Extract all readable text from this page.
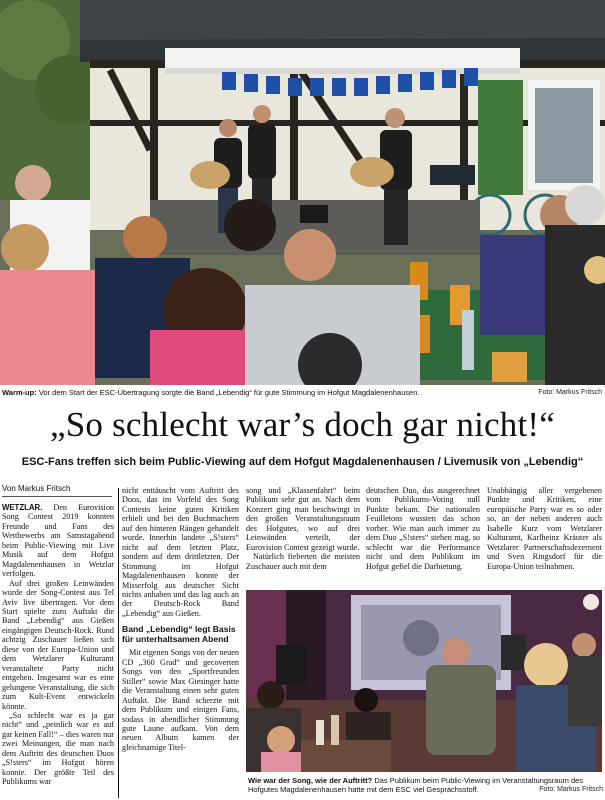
Warm-up: Vor dem Start der ESC-Übertragung sorgte die Band „Lebendig“ für gute Stimmung im Hofgut Magdalenenhausen.	Foto: Markus Fritsch
„So schlecht war’s doch gar nicht!“
ESC-Fans treffen sich beim Public-Viewing auf dem Hofgut Magdalenenhausen / Livemusik von „Lebendig“
Von Markus Fritsch

WETZLAR. Den Eurovision Song Contest 2019 konnten Freunde und Fans des Wettbewerbs am Samstagabend beim Public-Viewing mit Live Musik auf dem Hofgut Magdalenenhausen in Wetzlar verfolgen.

Auf drei großen Leinwänden wurde der Song-Contest aus Tel Aviv live übertragen. Vor dem Start spielte zum Auftakt die Band „Lebendig“ aus Gießen eingängigen Deutsch-Rock. Rund achtzig Zuschauer ließen sich diese von der Europa-Union und dem Wetzlarer Kulturamt veranstaltete Party nicht entgehen. Insgesamt war es eine gelungene Veranstaltung, die sich zum Kult-Event entwickeln könnte.

„So schlecht war es ja gar nicht“ und „peinlich war es auf gar keinen Fall!“ – dies waren nur zwei Meinungen, die man nach dem Auftritt des deutschen Duos „S!sters“ im Hofgut hören konnte. Der größte Teil des Publikums war

nicht enttäuscht vom Auftritt des Duos, das im Vorfeld des Song Contests keine guten Kritiken erhielt und bei den Buchmachern auf den hinteren Rängen gehandelt wurde. Innerhin landete „S!sters“ nicht auf dem letzten Platz, sondern auf dem drittletzten. Der Stimmung im Hofgut Magdalenenhausen konnte der Misserfolg aus deutscher Sicht nichts anhaben und das lag auch an der Deutsch-Rock Band „Lebendig“ aus Gießen.

Band „Lebendig“ legt Basis für unterhaltsamen Abend

Mit eigenen Songs von der neuen CD „360 Grad“ und gecoverten Songs von den „Sportfreunden Stiller“ sowie Max Giesinger hatte die Veranstaltung einen sehr guten Auftakt. Die Band scherzte mit dem Publikum und einigen Fans, sodass in abendlicher Stimmung gute Laune aufkam. Von dem neuen Album kamen der gleichnamige Titel-

song und „Klassenfahrt“ beim Publikum sehr gut an. Nach dem Konzert ging man beschwingt in den großen Veranstaltungsraum des Hofgutes, wo auf drei Leinwänden verteilt, der Eurovision Contest gezeigt wurde.

Natürlich fieberten die meisten Zuschauer auch mit dem

deutschen Duo, das ausgerechnet vom Publikums-Voting null Punkte bekam. Die nationalen Feuilletons wussten das schon vorher. Wie man auch immer zu dem Duo „S!sters“ stehen mag, so schlecht war die Performance nicht und dem Publikum im Hofgut gefiel die Darbietung.

Unabhängig aller vergebenen Punkte und Kritiken, eine europäische Party war es so oder so, an der neben anderen auch Isabelle Kurz vom Wetzlarer Kulturamt, Karlheinz Kräuter als Wetzlarer Partnerschaftsdezernent und Sven Ringsdorf für die Europa-Union teilnahmen.

Wie war der Song, wie der Auftritt? Das Publikum beim Public-Viewing im Veranstaltungsraum des Hofgutes Magdalenenhausen hatte mit dem ESC viel Gesprächsstoff.	Foto: Markus Fritsch
